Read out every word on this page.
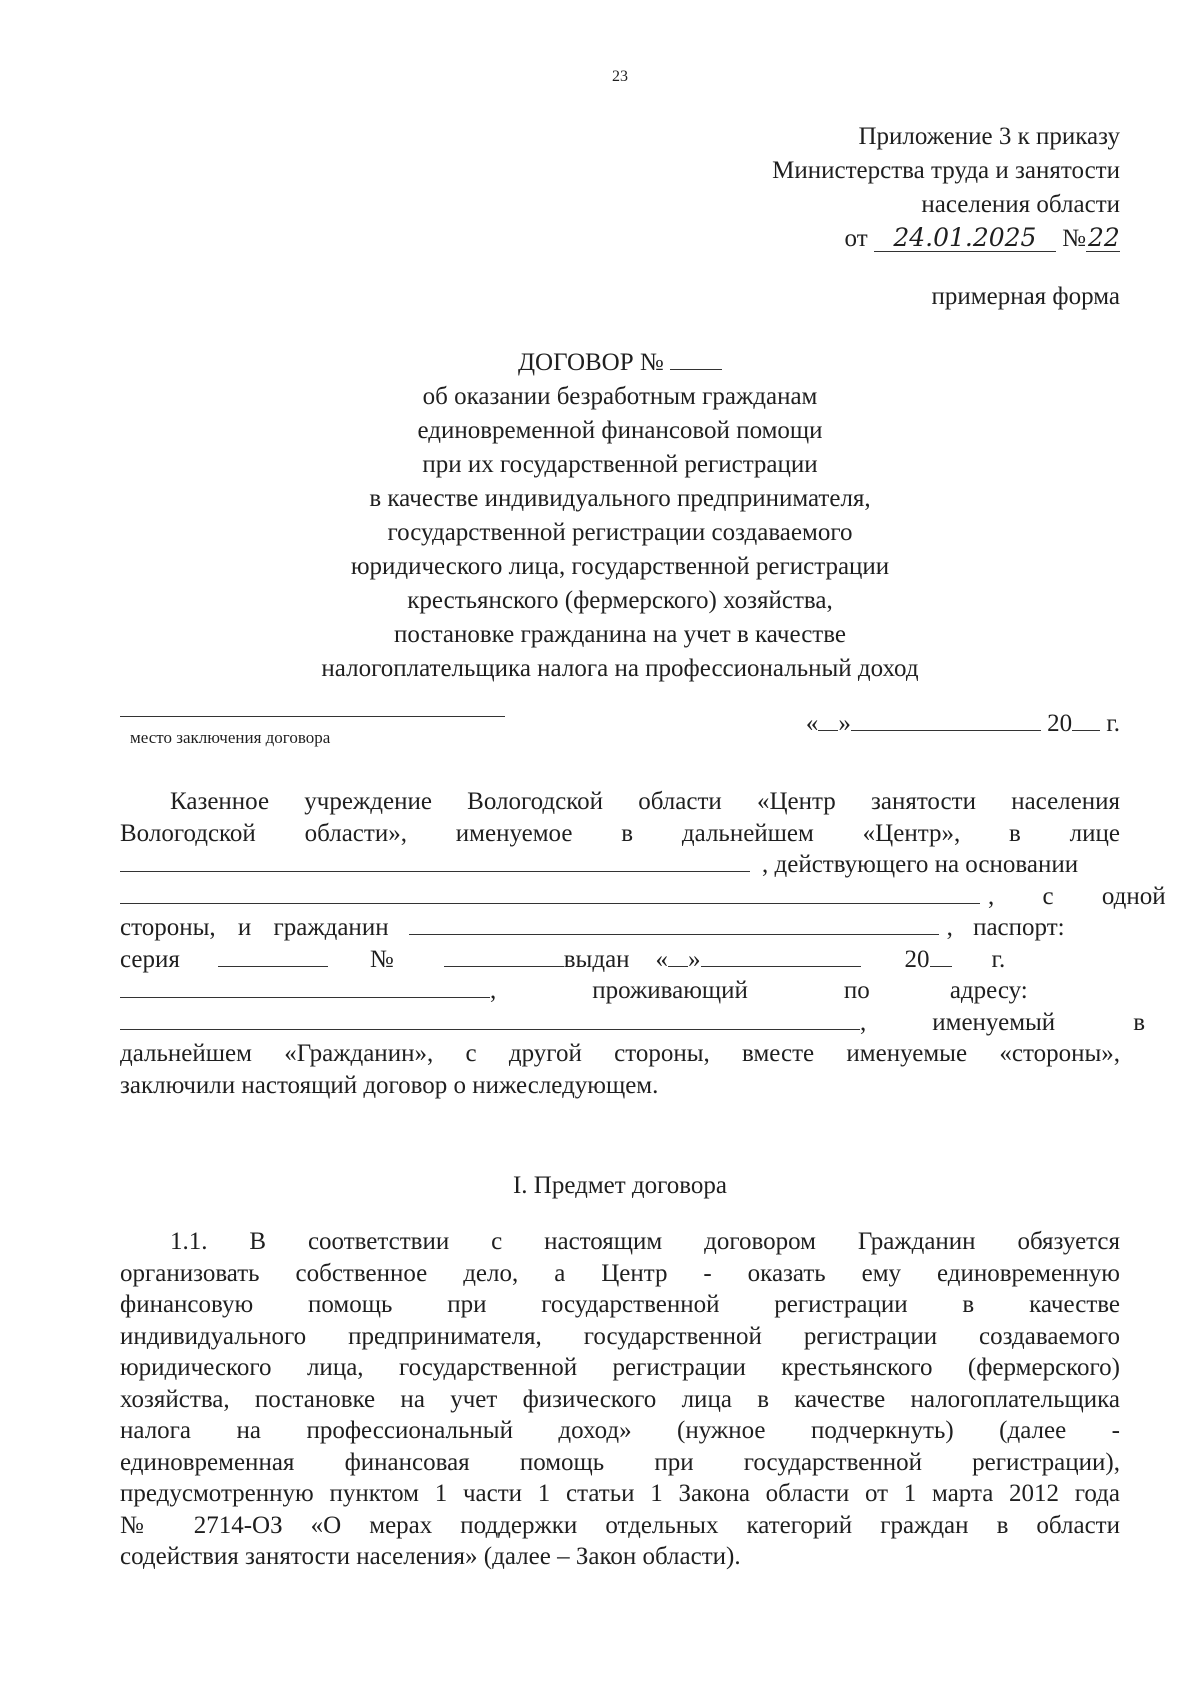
23
Приложение 3 к приказу
Министерства труда и занятости
населения области
от 24.01.2025 №22
примерная форма
ДОГОВОР №
об оказании безработным гражданам
единовременной финансовой помощи
при их государственной регистрации
в качестве индивидуального предпринимателя,
государственной регистрации создаваемого
юридического лица, государственной регистрации
крестьянского (фермерского) хозяйства,
постановке гражданина на учет в качестве
налогоплательщика налога на профессиональный доход
место заключения договора
« »	20 г.
Казенное учреждение Вологодской области «Центр занятости населения
Вологодской области», именуемое в дальнейшем «Центр», в лице
, действующего на основании
, с одной
стороны, и гражданин	, паспорт:
серия	№	выдан « »	20 г.
,	проживающий	по	адресу:
,	именуемый	в
дальнейшем «Гражданин», с другой стороны, вместе именуемые «стороны»,
заключили настоящий договор о нижеследующем.
I. Предмет договора
1.1. В соответствии с настоящим договором Гражданин обязуется
организовать собственное дело, а Центр - оказать ему единовременную
финансовую помощь при государственной регистрации в качестве
индивидуального предпринимателя, государственной регистрации создаваемого
юридического лица, государственной регистрации крестьянского (фермерского)
хозяйства, постановке на учет физического лица в качестве налогоплательщика
налога на профессиональный доход» (нужное подчеркнуть) (далее -
единовременная финансовая помощь при государственной регистрации),
предусмотренную пунктом 1 части 1 статьи 1 Закона области от 1 марта 2012 года
№ 2714-ОЗ «О мерах поддержки отдельных категорий граждан в области
содействия занятости населения» (далее – Закон области).
